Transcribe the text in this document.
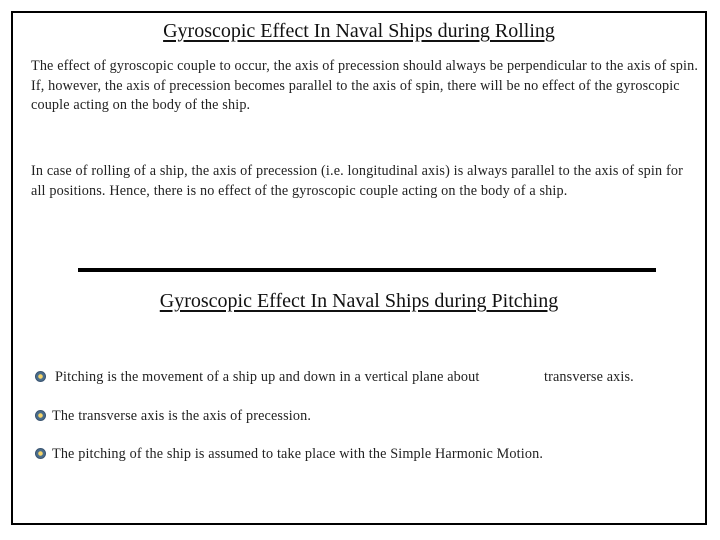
Gyroscopic Effect In Naval Ships during Rolling

The effect of gyroscopic couple to occur, the axis of precession should always be perpendicular to the axis of spin. If, however, the axis of precession becomes parallel to the axis of spin, there will be no effect of the gyroscopic couple acting on the body of the ship.

In case of rolling of a ship, the axis of precession (i.e. longitudinal axis) is always parallel to the axis of spin for all positions. Hence, there is no effect of the gyroscopic couple acting on the body of a ship.

Gyroscopic Effect In Naval Ships during Pitching
Pitching is the movement of a ship up and down in a vertical plane about	transverse axis.
The transverse axis is the axis of precession.
The pitching of the ship is assumed to take place with the Simple Harmonic Motion.
